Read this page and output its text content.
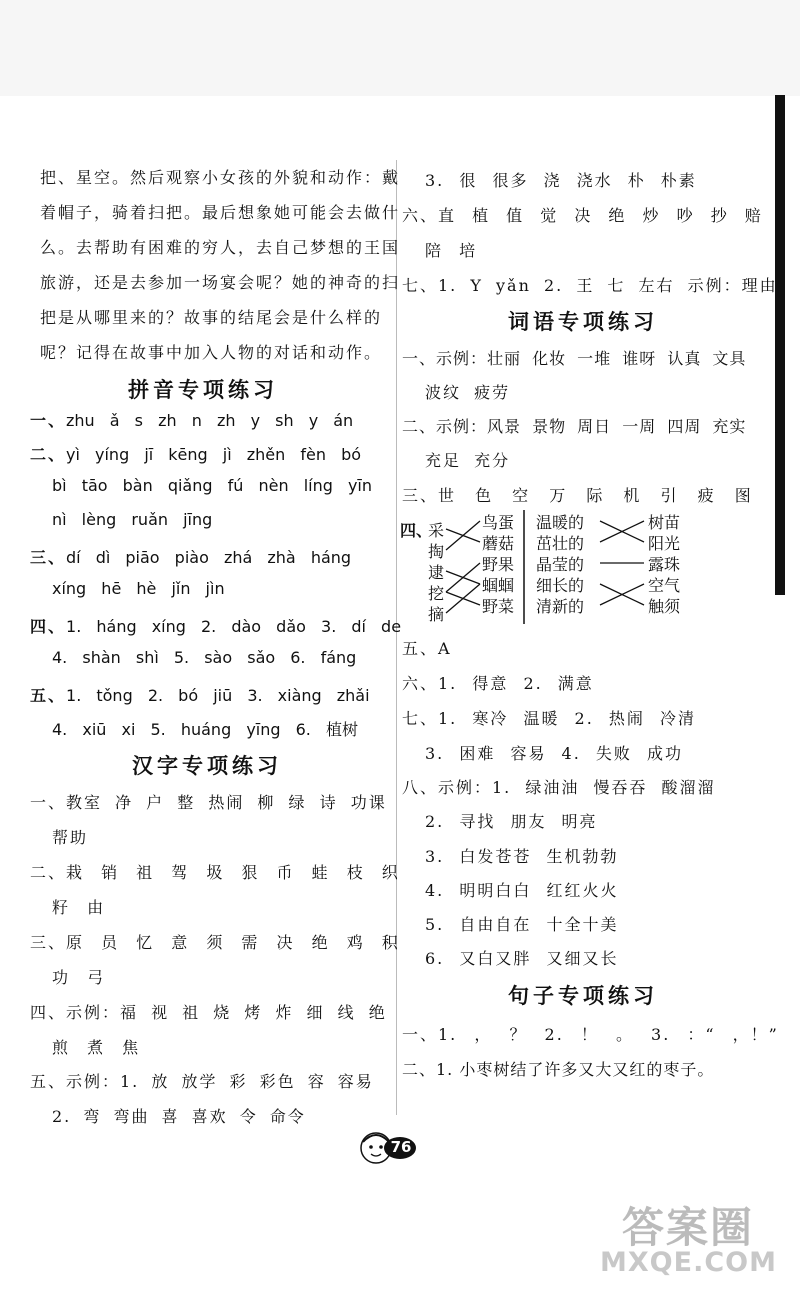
把、星空。然后观察小女孩的外貌和动作：戴
着帽子，骑着扫把。最后想象她可能会去做什
么。去帮助有困难的穷人，去自己梦想的王国
旅游，还是去参加一场宴会呢？她的神奇的扫
把是从哪里来的？故事的结尾会是什么样的
呢？记得在故事中加入人物的对话和动作。
拼音专项练习
一、zhu ǎ s zh n zh y sh y án
二、yì yíng jī kēng jì zhěn fèn bó
bì tāo bàn qiǎng fú nèn líng yīn
nì lèng ruǎn jīng
三、dí dì piāo piào zhá zhà háng
xíng hē hè jǐn jìn
四、1. háng xíng 2. dào dǎo 3. dí de
4. shàn shì 5. sào sǎo 6. fáng
五、1. tǒng 2. bó jiū 3. xiàng zhǎi
4. xiū xi 5. huáng yīng 6. 植树
汉字专项练习
一、教室 净 户 整 热闹 柳 绿 诗 功课
帮助
二、栽 销 祖 驾 圾 狠 币 蛙 枝 织
籽 由
三、原 员 忆 意 须 需 决 绝 鸡 积
功 弓
四、示例：福 视 祖 烧 烤 炸 细 线 绝
煎 煮 焦
五、示例：1. 放 放学 彩 彩色 容 容易
2. 弯 弯曲 喜 喜欢 令 命令
3. 很 很多 浇 浇水 朴 朴素
六、直 植 值 觉 决 绝 炒 吵 抄 赔
陪 培
七、1. Y yǎn 2. 王 七 左右 示例：理由
词语专项练习
一、示例：壮丽 化妆 一堆 谁呀 认真 文具
波纹 疲劳
二、示例：风景 景物 周日 一周 四周 充实
充足 充分
三、世 色 空 万 际 机 引 疲 图
四、
采
掏
逮
挖
摘
鸟蛋
蘑菇
野果
蝈蝈
野菜
温暖的
茁壮的
晶莹的
细长的
清新的
树苗
阳光
露珠
空气
触须
五、A
六、1. 得意 2. 满意
七、1. 寒冷 温暖 2. 热闹 冷清
3. 困难 容易 4. 失败 成功
八、示例：1. 绿油油 慢吞吞 酸溜溜
2. 寻找 朋友 明亮
3. 白发苍苍 生机勃勃
4. 明明白白 红红火火
5. 自由自在 十全十美
6. 又白又胖 又细又长
句子专项练习
一、1. ， ？ 2. ！ 。 3. ：“ ，！”
二、1. 小枣树结了许多又大又红的枣子。
76
答案圈
MXQE.COM
